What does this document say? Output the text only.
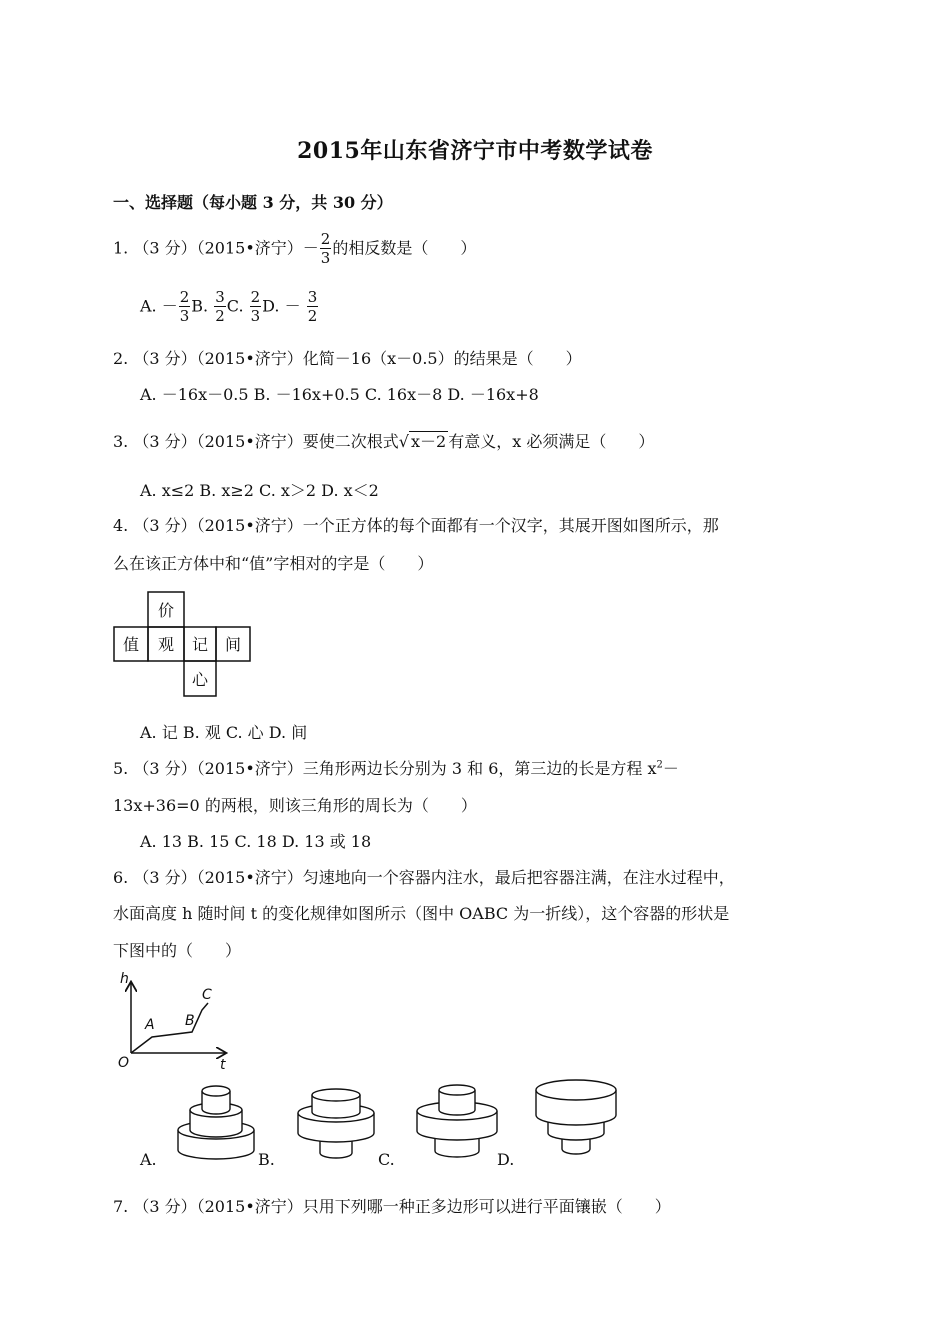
2015年山东省济宁市中考数学试卷
一、选择题（每小题 3 分，共 30 分）
1. （3 分）（2015•济宁）－ $\frac{2}{3}$ 的相反数是（　　）
A. － $\frac{2}{3} B$. $\frac{3}{2} C$. $\frac{2}{3} D$. － $\frac{3}{2}$
2. （3 分）（2015•济宁）化简－16（x－0.5）的结果是（　　）
A. －16x－0.5 B. －16x+0.5 C. 16x－8 D. －16x+8
3. （3 分）（2015•济宁）要使二次根式√ x－2 有意义，x 必须满足（　　）
A. x≤2 B. x≥2 C. x＞2 D. x＜2
4. （3 分）（2015•济宁）一个正方体的每个面都有一个汉字，其展开图如图所示，那
么在该正方体中和“值”字相对的字是（　　）
价
值 观 记 间
心
A. 记 B. 观 C. 心 D. 间
5. （3 分）（2015•济宁）三角形两边长分别为 3 和 6，第三边的长是方程 $x^2-$
13x+36=0 的两根，则该三角形的周长为（　　）
A. 13 B. 15 C. 18 D. 13 或 18
6. （3 分）（2015•济宁）匀速地向一个容器内注水，最后把容器注满，在注水过程中，
水面高度 h 随时间 t 的变化规律如图所示（图中 OABC 为一折线），这个容器的形状是
下图中的（　　）
h
t
O
A B
C
A.	B.	C.	D.
7. （3 分）（2015•济宁）只用下列哪一种正多边形可以进行平面镶嵌（　　）
